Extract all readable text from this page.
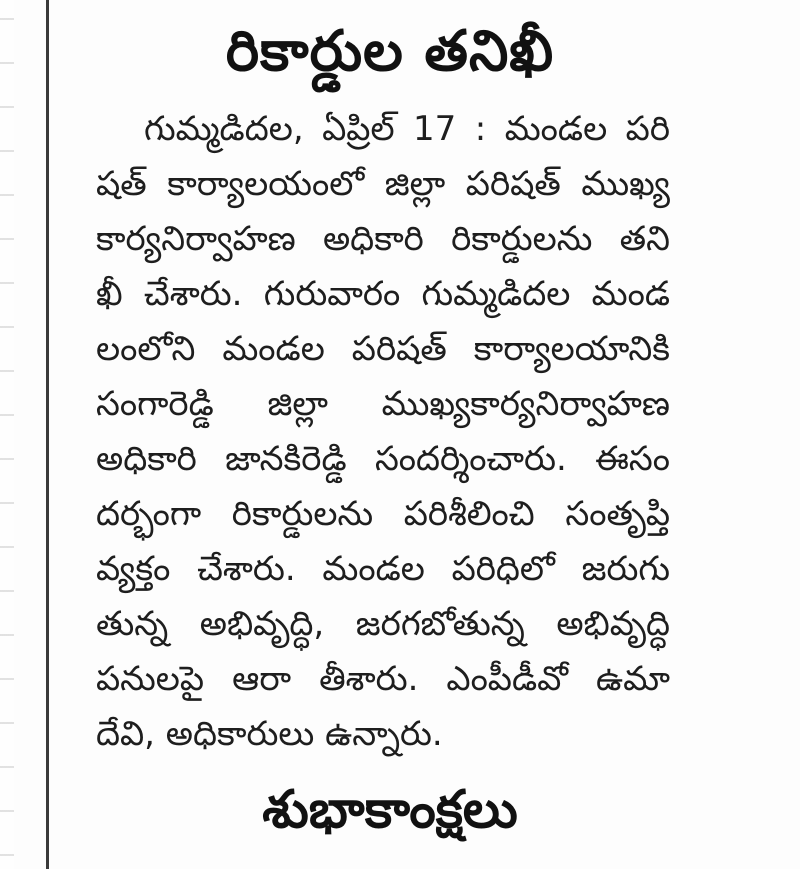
రికార్డుల తనిఖీ

గుమ్మడిదల, ఏప్రిల్ 17 : మండల పరి
షత్ కార్యాలయంలో జిల్లా పరిషత్ ముఖ్య
కార్యనిర్వాహణ అధికారి రికార్డులను తని
ఖీ చేశారు. గురువారం గుమ్మడిదల మండ
లంలోని మండల పరిషత్ కార్యాలయానికి
సంగారెడ్డి జిల్లా ముఖ్యకార్యనిర్వాహణ
అధికారి జానకిరెడ్డి సందర్శించారు. ఈసం
దర్భంగా రికార్డులను పరిశీలించి సంతృప్తి
వ్యక్తం చేశారు. మండల పరిధిలో జరుగు
తున్న అభివృద్ధి, జరగబోతున్న అభివృద్ధి
పనులపై ఆరా తీశారు. ఎంపీడీవో ఉమా
దేవి, అధికారులు ఉన్నారు.

శుభాకాంక్షలు
